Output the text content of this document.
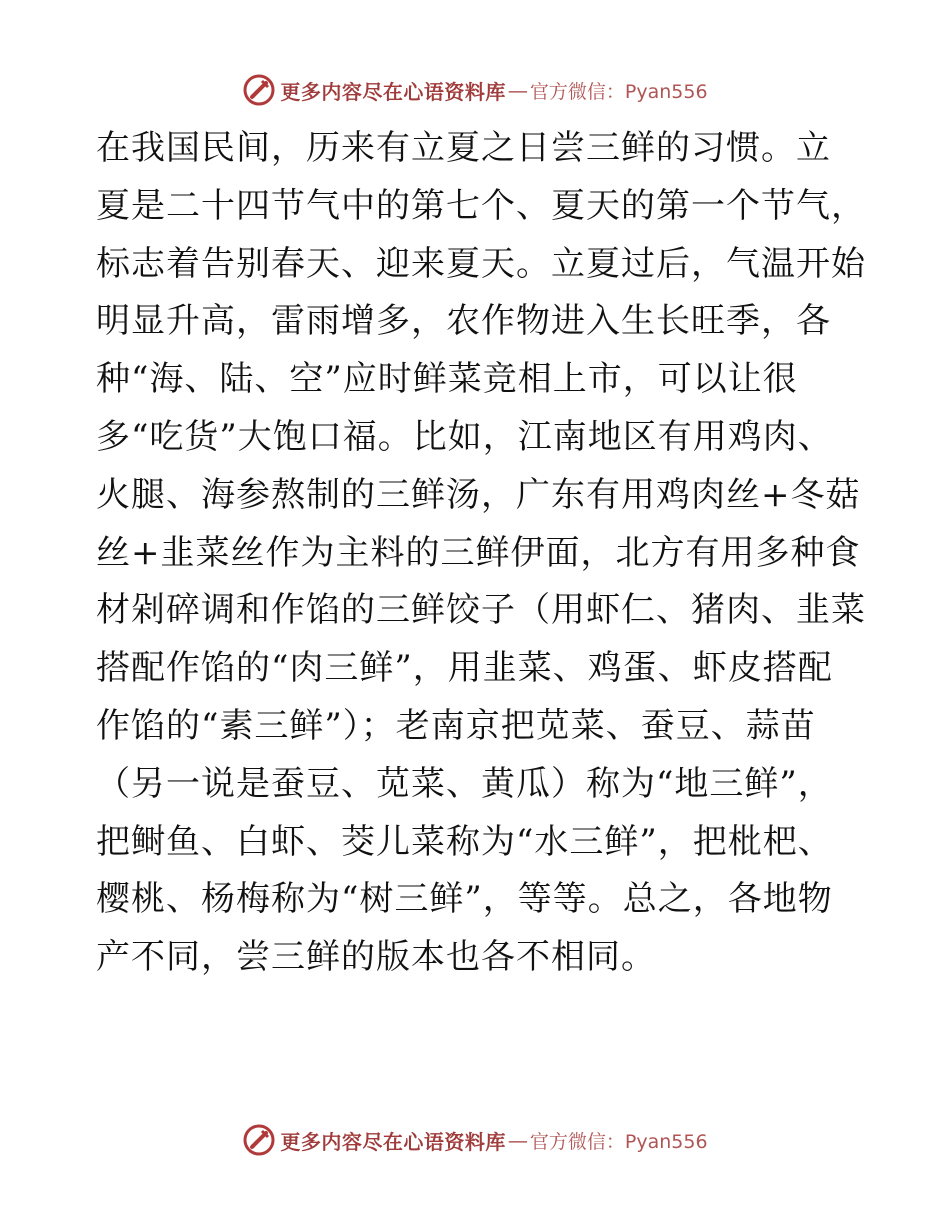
更多内容尽在心语资料库 — 官方微信：Pyan556
在我国民间，历来有立夏之日尝三鲜的习惯。立
夏是二十四节气中的第七个、夏天的第一个节气，
标志着告别春天、迎来夏天。立夏过后，气温开始
明显升高，雷雨增多，农作物进入生长旺季，各
种“海、陆、空”应时鲜菜竞相上市，可以让很
多“吃货”大饱口福。比如，江南地区有用鸡肉、
火腿、海参熬制的三鲜汤，广东有用鸡肉丝+冬菇
丝+韭菜丝作为主料的三鲜伊面，北方有用多种食
材剁碎调和作馅的三鲜饺子（用虾仁、猪肉、韭菜
搭配作馅的“肉三鲜”，用韭菜、鸡蛋、虾皮搭配
作馅的“素三鲜”）；老南京把苋菜、蚕豆、蒜苗
（另一说是蚕豆、苋菜、黄瓜）称为“地三鲜”，
把鲥鱼、白虾、茭儿菜称为“水三鲜”，把枇杷、
樱桃、杨梅称为“树三鲜”，等等。总之，各地物
产不同，尝三鲜的版本也各不相同。
更多内容尽在心语资料库 — 官方微信：Pyan556
